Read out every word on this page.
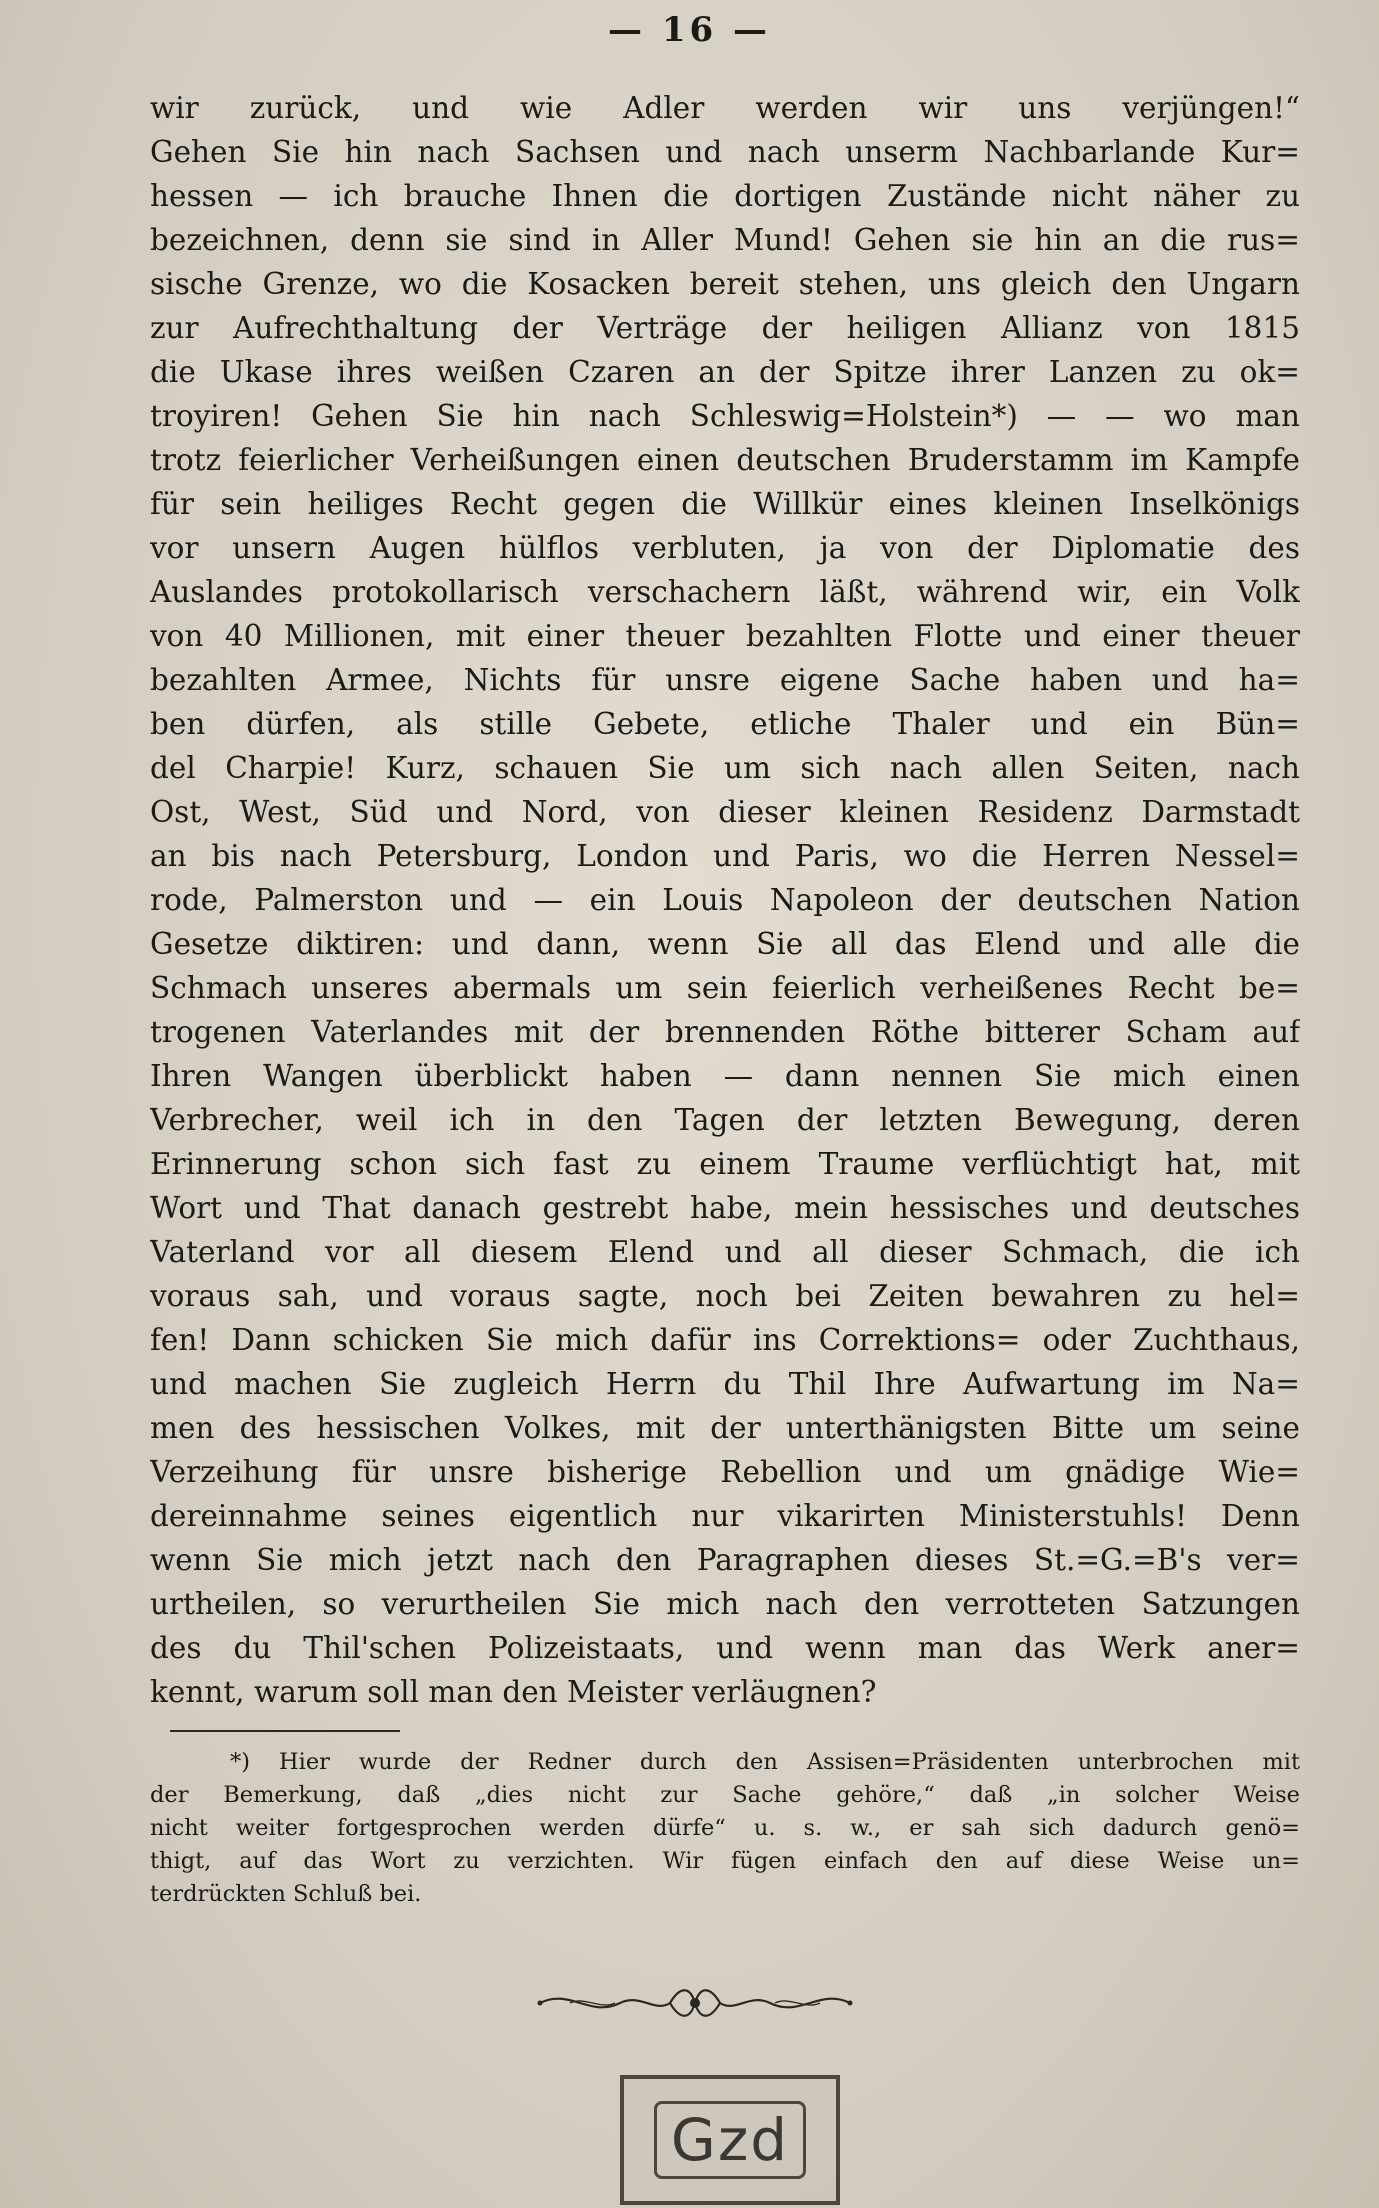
— 16 —
wir zurück, und wie Adler werden wir uns verjüngen!“
Gehen Sie hin nach Sachsen und nach unserm Nachbarlande Kur=
hessen — ich brauche Ihnen die dortigen Zustände nicht näher zu
bezeichnen, denn sie sind in Aller Mund! Gehen sie hin an die rus=
sische Grenze, wo die Kosacken bereit stehen, uns gleich den Ungarn
zur Aufrechthaltung der Verträge der heiligen Allianz von 1815
die Ukase ihres weißen Czaren an der Spitze ihrer Lanzen zu ok=
troyiren! Gehen Sie hin nach Schleswig=Holstein*) — — wo man
trotz feierlicher Verheißungen einen deutschen Bruderstamm im Kampfe
für sein heiliges Recht gegen die Willkür eines kleinen Inselkönigs
vor unsern Augen hülflos verbluten, ja von der Diplomatie des
Auslandes protokollarisch verschachern läßt, während wir, ein Volk
von 40 Millionen, mit einer theuer bezahlten Flotte und einer theuer
bezahlten Armee, Nichts für unsre eigene Sache haben und ha=
ben dürfen, als stille Gebete, etliche Thaler und ein Bün=
del Charpie! Kurz, schauen Sie um sich nach allen Seiten, nach
Ost, West, Süd und Nord, von dieser kleinen Residenz Darmstadt
an bis nach Petersburg, London und Paris, wo die Herren Nessel=
rode, Palmerston und — ein Louis Napoleon der deutschen Nation
Gesetze diktiren: und dann, wenn Sie all das Elend und alle die
Schmach unseres abermals um sein feierlich verheißenes Recht be=
trogenen Vaterlandes mit der brennenden Röthe bitterer Scham auf
Ihren Wangen überblickt haben — dann nennen Sie mich einen
Verbrecher, weil ich in den Tagen der letzten Bewegung, deren
Erinnerung schon sich fast zu einem Traume verflüchtigt hat, mit
Wort und That danach gestrebt habe, mein hessisches und deutsches
Vaterland vor all diesem Elend und all dieser Schmach, die ich
voraus sah, und voraus sagte, noch bei Zeiten bewahren zu hel=
fen! Dann schicken Sie mich dafür ins Correktions= oder Zuchthaus,
und machen Sie zugleich Herrn du Thil Ihre Aufwartung im Na=
men des hessischen Volkes, mit der unterthänigsten Bitte um seine
Verzeihung für unsre bisherige Rebellion und um gnädige Wie=
dereinnahme seines eigentlich nur vikarirten Ministerstuhls! Denn
wenn Sie mich jetzt nach den Paragraphen dieses St.=G.=B's ver=
urtheilen, so verurtheilen Sie mich nach den verrotteten Satzungen
des du Thil'schen Polizeistaats, und wenn man das Werk aner=
kennt, warum soll man den Meister verläugnen?
*) Hier wurde der Redner durch den Assisen=Präsidenten unterbrochen mit
der Bemerkung, daß „dies nicht zur Sache gehöre,“ daß „in solcher Weise
nicht weiter fortgesprochen werden dürfe“ u. s. w., er sah sich dadurch genö=
thigt, auf das Wort zu verzichten. Wir fügen einfach den auf diese Weise un=
terdrückten Schluß bei.
Gzd
